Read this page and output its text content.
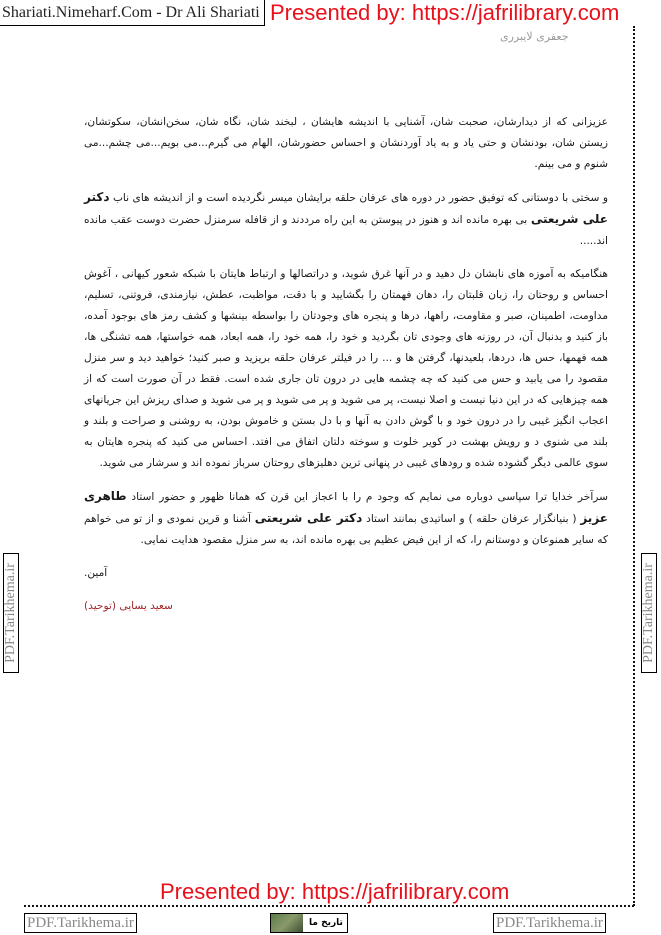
Shariati.Nimeharf.Com - Dr Ali Shariati
جعفری لایبرری
Presented by: https://jafrilibrary.com
PDF.Tarikhema.ir	PDF.Tarikhema.ir

عزیزانی که از دیدارشان، صحبت شان، آشنایی با اندیشه هایشان ، لبخند شان، نگاه شان، سخن‌انشان، سکوتشان، زیستن شان، بودنشان و حتی یاد و به یاد آوردنشان و احساس حضورشان، الهام می گیرم...می بویم...می چشم...می شنوم و می بینم.

و سختی با دوستانی که توفیق حضور در دوره های عرفان حلقه برایشان میسر نگردیده است و از اندیشه های ناب دکتر علی شریعتی بی بهره مانده اند و هنوز در پیوستن به این راه مرددند و از قافله سرمنزل حضرت دوست عقب مانده اند.....

هنگامیکه به آموزه های نابشان دل دهید و در آنها غرق شوید، و دراتصالها و ارتباط هایتان با شبکه شعور کیهانی ، آغوش احساس و روحتان را، زبان قلبتان را، دهان فهمتان را بگشایید و با دقت، مواظبت، عطش، نیازمندی، فروتنی، تسلیم، مداومت، اطمینان، صبر و مقاومت، راهها، درها و پنجره های وجودتان را بواسطه بینشها و کشف رمز های بوجود آمده، باز کنید و بدنبال آن، در روزنه های وجودی تان بگردید و خود را، همه خود را، همه ابعاد، همه خواستها، همه تشنگی ها، همه فهمها، حس ها، دردها، بلعیدنها، گرفتن ها و ... را در فیلتر عرفان حلقه بریزید و صبر کنید؛ خواهید دید و سر منزل مقصود را می یابید و حس می کنید که چه چشمه هایی در درون تان جاری شده است. فقط در آن صورت است که از همه چیزهایی که در این دنیا نیست و اصلا نیست، پر می شوید و پر می شوید و پر می شوید و صدای ریزش این جریانهای اعجاب انگیز غیبی را در درون خود و با گوش دادن به آنها و با دل بستن و خاموش بودن، به روشنی و صراحت و بلند و بلند می شنوی د و رویش بهشت در کویر خلوت و سوخته دلتان اتفاق می افتد. احساس می کنید که پنجره هایتان به سوی عالمی دیگر گشوده شده و رودهای غیبی در پنهانی ترین دهلیزهای روحتان سرباز نموده اند و سرشار می شوید.

سرآخر خدایا ترا سپاسی دوباره می نمایم که وجود م را با اعجاز این قرن که همانا ظهور و حضور استاد طاهری عزیز ( بنیانگزار عرفان حلقه ) و اساتیدی بمانند استاد دکتر علی شریعتی آشنا و قرین نمودی و از تو می خواهم که سایر همنوعان و دوستانم را، که از این فیض عظیم بی بهره مانده اند، به سر منزل مقصود هدایت نمایی.

آمین.
سعید یسایی (توحید)
PDF.Tarikhema.ir	تاریخ ما	PDF.Tarikhema.ir
Presented by: https://jafrilibrary.com
